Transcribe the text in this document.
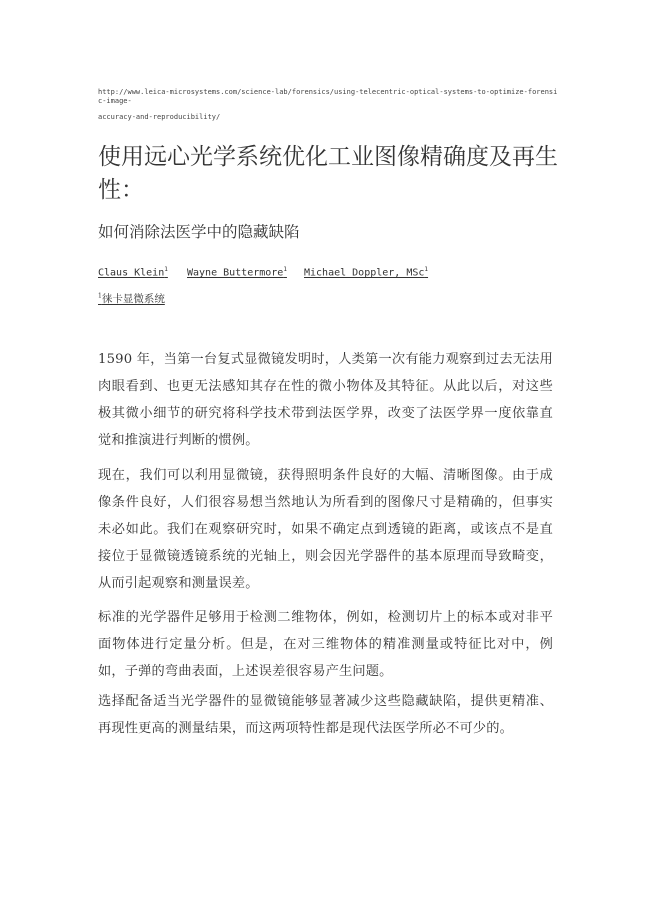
http://www.leica-microsystems.com/science-lab/forensics/using-telecentric-optical-systems-to-optimize-forensic-image-
accuracy-and-reproducibility/
使用远心光学系统优化工业图像精确度及再生性：
如何消除法医学中的隐藏缺陷
Claus Klein$^1$ Wayne Buttermore$^1$ Michael Doppler, MSc$^1$
$^1$徕卡显微系统

1590 年，当第一台复式显微镜发明时，人类第一次有能力观察到过去无法用肉眼看到、也更无法感知其存在性的微小物体及其特征。从此以后，对这些极其微小细节的研究将科学技术带到法医学界，改变了法医学界一度依靠直觉和推演进行判断的惯例。

现在，我们可以利用显微镜，获得照明条件良好的大幅、清晰图像。由于成像条件良好，人们很容易想当然地认为所看到的图像尺寸是精确的，但事实未必如此。我们在观察研究时，如果不确定点到透镜的距离，或该点不是直接位于显微镜透镜系统的光轴上，则会因光学器件的基本原理而导致畸变，从而引起观察和测量误差。

标准的光学器件足够用于检测二维物体，例如，检测切片上的标本或对非平面物体进行定量分析。但是，在对三维物体的精准测量或特征比对中，例如，子弹的弯曲表面，上述误差很容易产生问题。

选择配备适当光学器件的显微镜能够显著减少这些隐藏缺陷，提供更精准、再现性更高的测量结果，而这两项特性都是现代法医学所必不可少的。
